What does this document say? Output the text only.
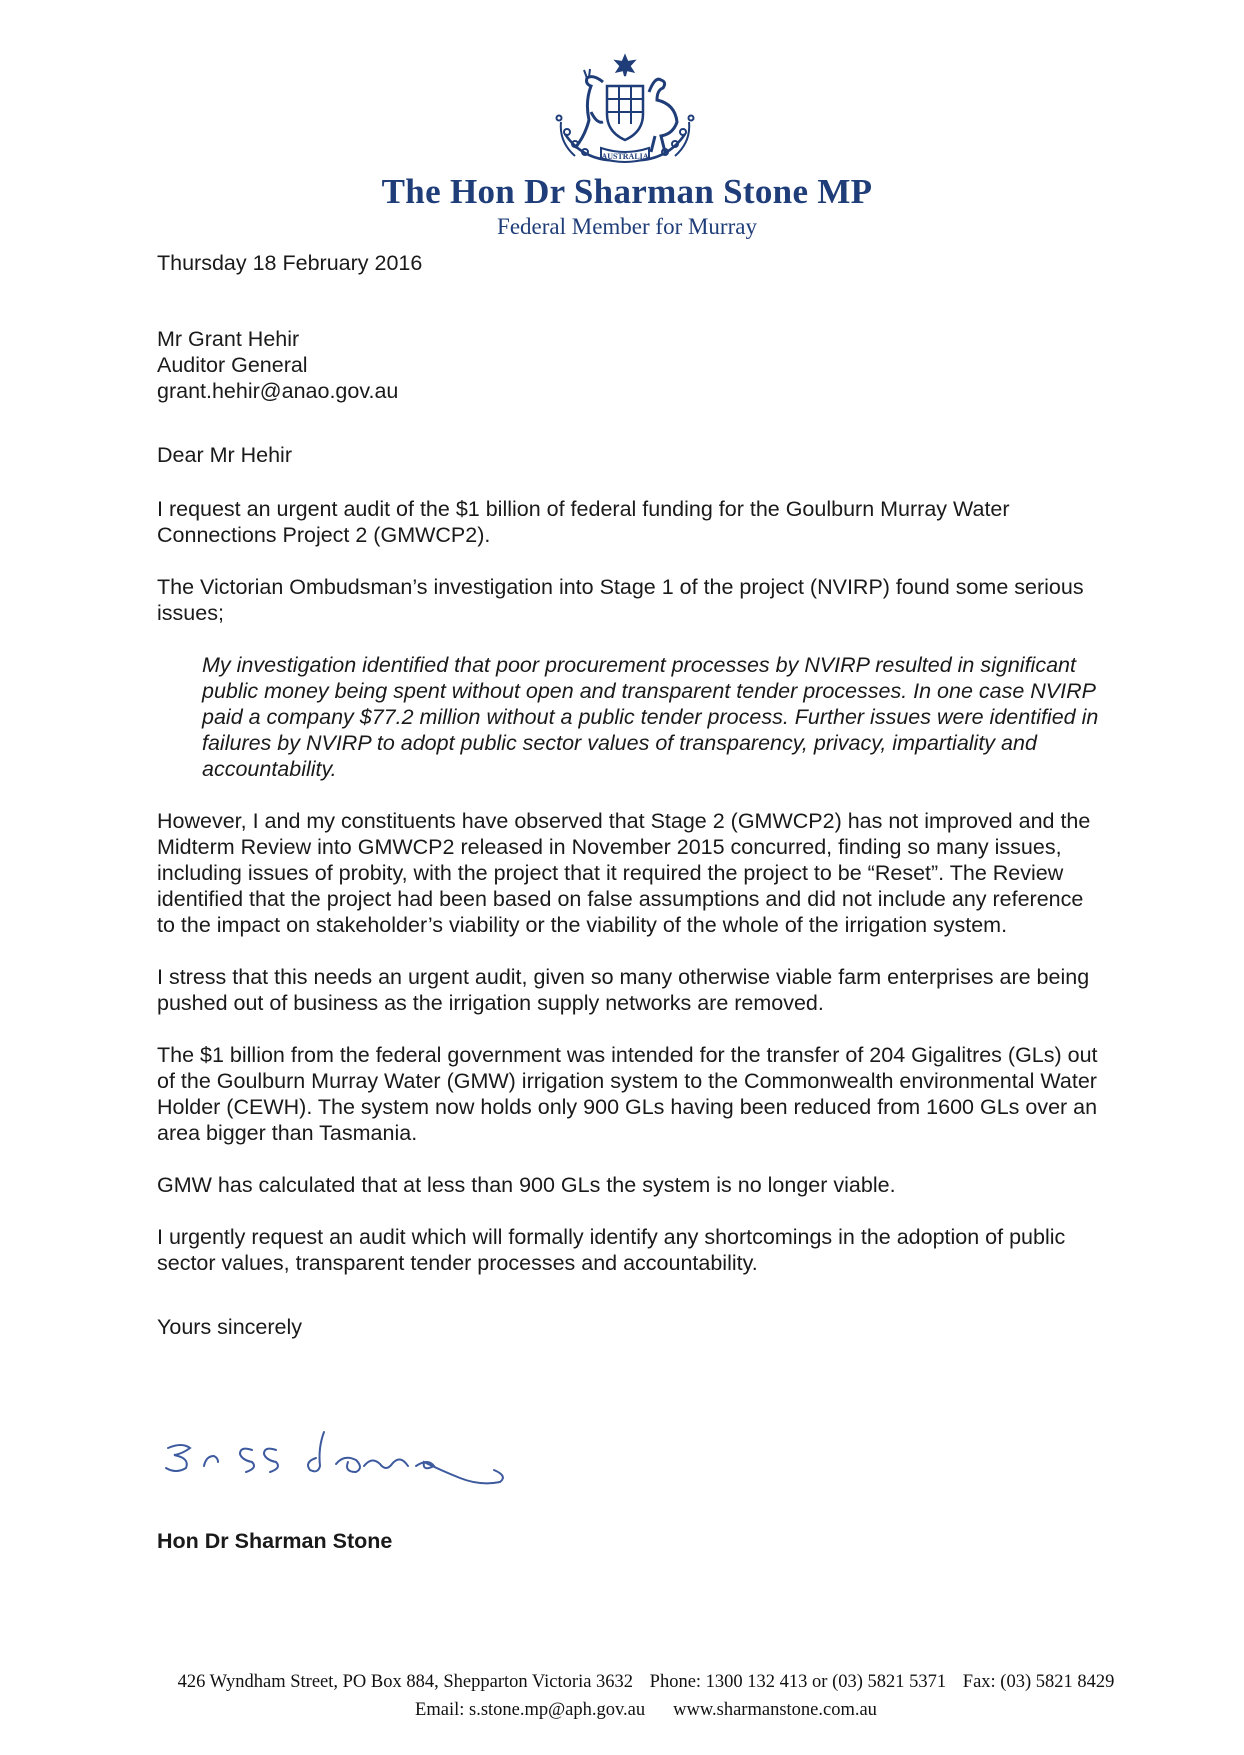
AUSTRALIA
The Hon Dr Sharman Stone MP
Federal Member for Murray

Thursday 18 February 2016

Mr Grant Hehir

Auditor General

grant.hehir@anao.gov.au

Dear Mr Hehir

I request an urgent audit of the $1 billion of federal funding for the Goulburn Murray Water Connections Project 2 (GMWCP2).

The Victorian Ombudsman’s investigation into Stage 1 of the project (NVIRP) found some serious issues;

My investigation identified that poor procurement processes by NVIRP resulted in significant public money being spent without open and transparent tender processes. In one case NVIRP paid a company $77.2 million without a public tender process. Further issues were identified in failures by NVIRP to adopt public sector values of transparency, privacy, impartiality and accountability.

However, I and my constituents have observed that Stage 2 (GMWCP2) has not improved and the Midterm Review into GMWCP2 released in November 2015 concurred, finding so many issues, including issues of probity, with the project that it required the project to be “Reset”. The Review identified that the project had been based on false assumptions and did not include any reference to the impact on stakeholder’s viability or the viability of the whole of the irrigation system.

I stress that this needs an urgent audit, given so many otherwise viable farm enterprises are being pushed out of business as the irrigation supply networks are removed.

The $1 billion from the federal government was intended for the transfer of 204 Gigalitres (GLs) out of the Goulburn Murray Water (GMW) irrigation system to the Commonwealth environmental Water Holder (CEWH). The system now holds only 900 GLs having been reduced from 1600 GLs over an area bigger than Tasmania.

GMW has calculated that at less than 900 GLs the system is no longer viable.

I urgently request an audit which will formally identify any shortcomings in the adoption of public sector values, transparent tender processes and accountability.

Yours sincerely

Hon Dr Sharman Stone
426 Wyndham Street, PO Box 884, Shepparton Victoria 3632 Phone: 1300 132 413 or (03) 5821 5371 Fax: (03) 5821 8429
Email: s.stone.mp@aph.gov.au www.sharmanstone.com.au
